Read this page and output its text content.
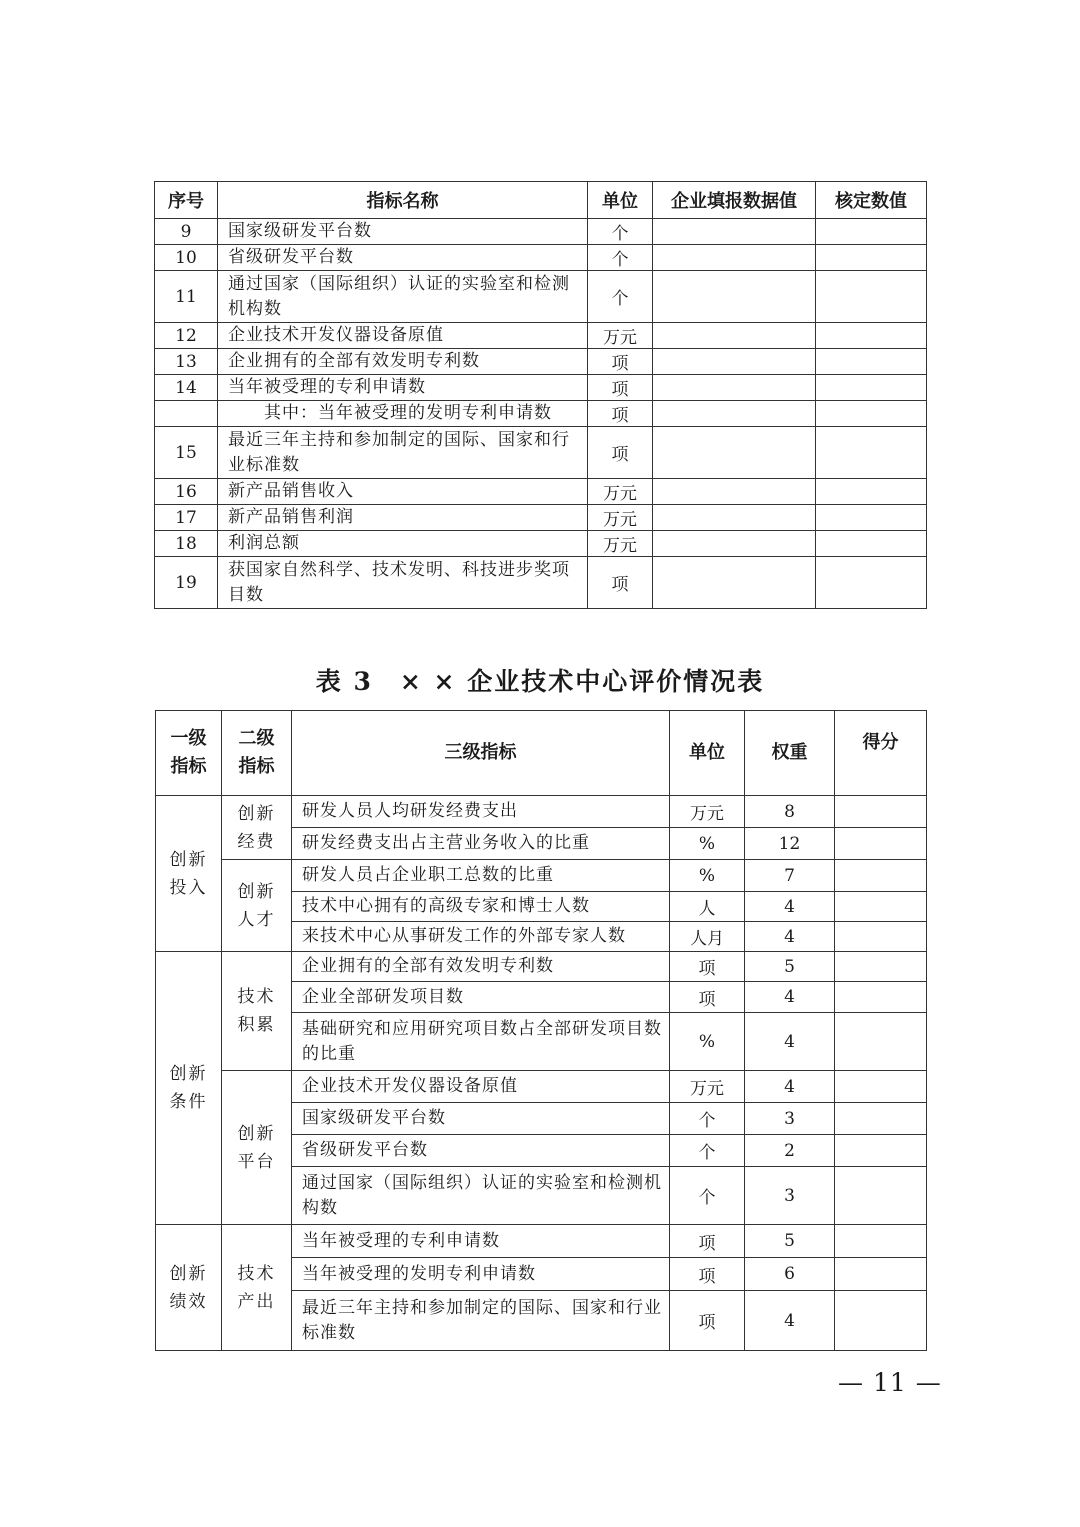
序号	指标名称	单位	企业填报数据值	核定数值
9	国家级研发平台数	个		
10	省级研发平台数	个		
11	通过国家（国际组织）认证的实验室和检测机构数	个		
12	企业技术开发仪器设备原值	万元		
13	企业拥有的全部有效发明专利数	项		
14	当年被受理的专利申请数	项		
	其中：当年被受理的发明专利申请数	项		
15	最近三年主持和参加制定的国际、国家和行业标准数	项		
16	新产品销售收入	万元		
17	新产品销售利润	万元		
18	利润总额	万元		
19	获国家自然科学、技术发明、科技进步奖项目数	项		
表 3　× × 企业技术中心评价情况表
一级指标	二级指标	三级指标	单位	权重	得分
创新投入	创新经费	研发人员人均研发经费支出	万元	8	
		研发经费支出占主营业务收入的比重	%	12	
	创新人才	研发人员占企业职工总数的比重	%	7	
		技术中心拥有的高级专家和博士人数	人	4	
		来技术中心从事研发工作的外部专家人数	人月	4	
创新条件	技术积累	企业拥有的全部有效发明专利数	项	5	
		企业全部研发项目数	项	4	
		基础研究和应用研究项目数占全部研发项目数的比重	%	4	
	创新平台	企业技术开发仪器设备原值	万元	4	
		国家级研发平台数	个	3	
		省级研发平台数	个	2	
		通过国家（国际组织）认证的实验室和检测机构数	个	3	
创新绩效	技术产出	当年被受理的专利申请数	项	5	
		当年被受理的发明专利申请数	项	6	
		最近三年主持和参加制定的国际、国家和行业标准数	项	4	
— 11 —
